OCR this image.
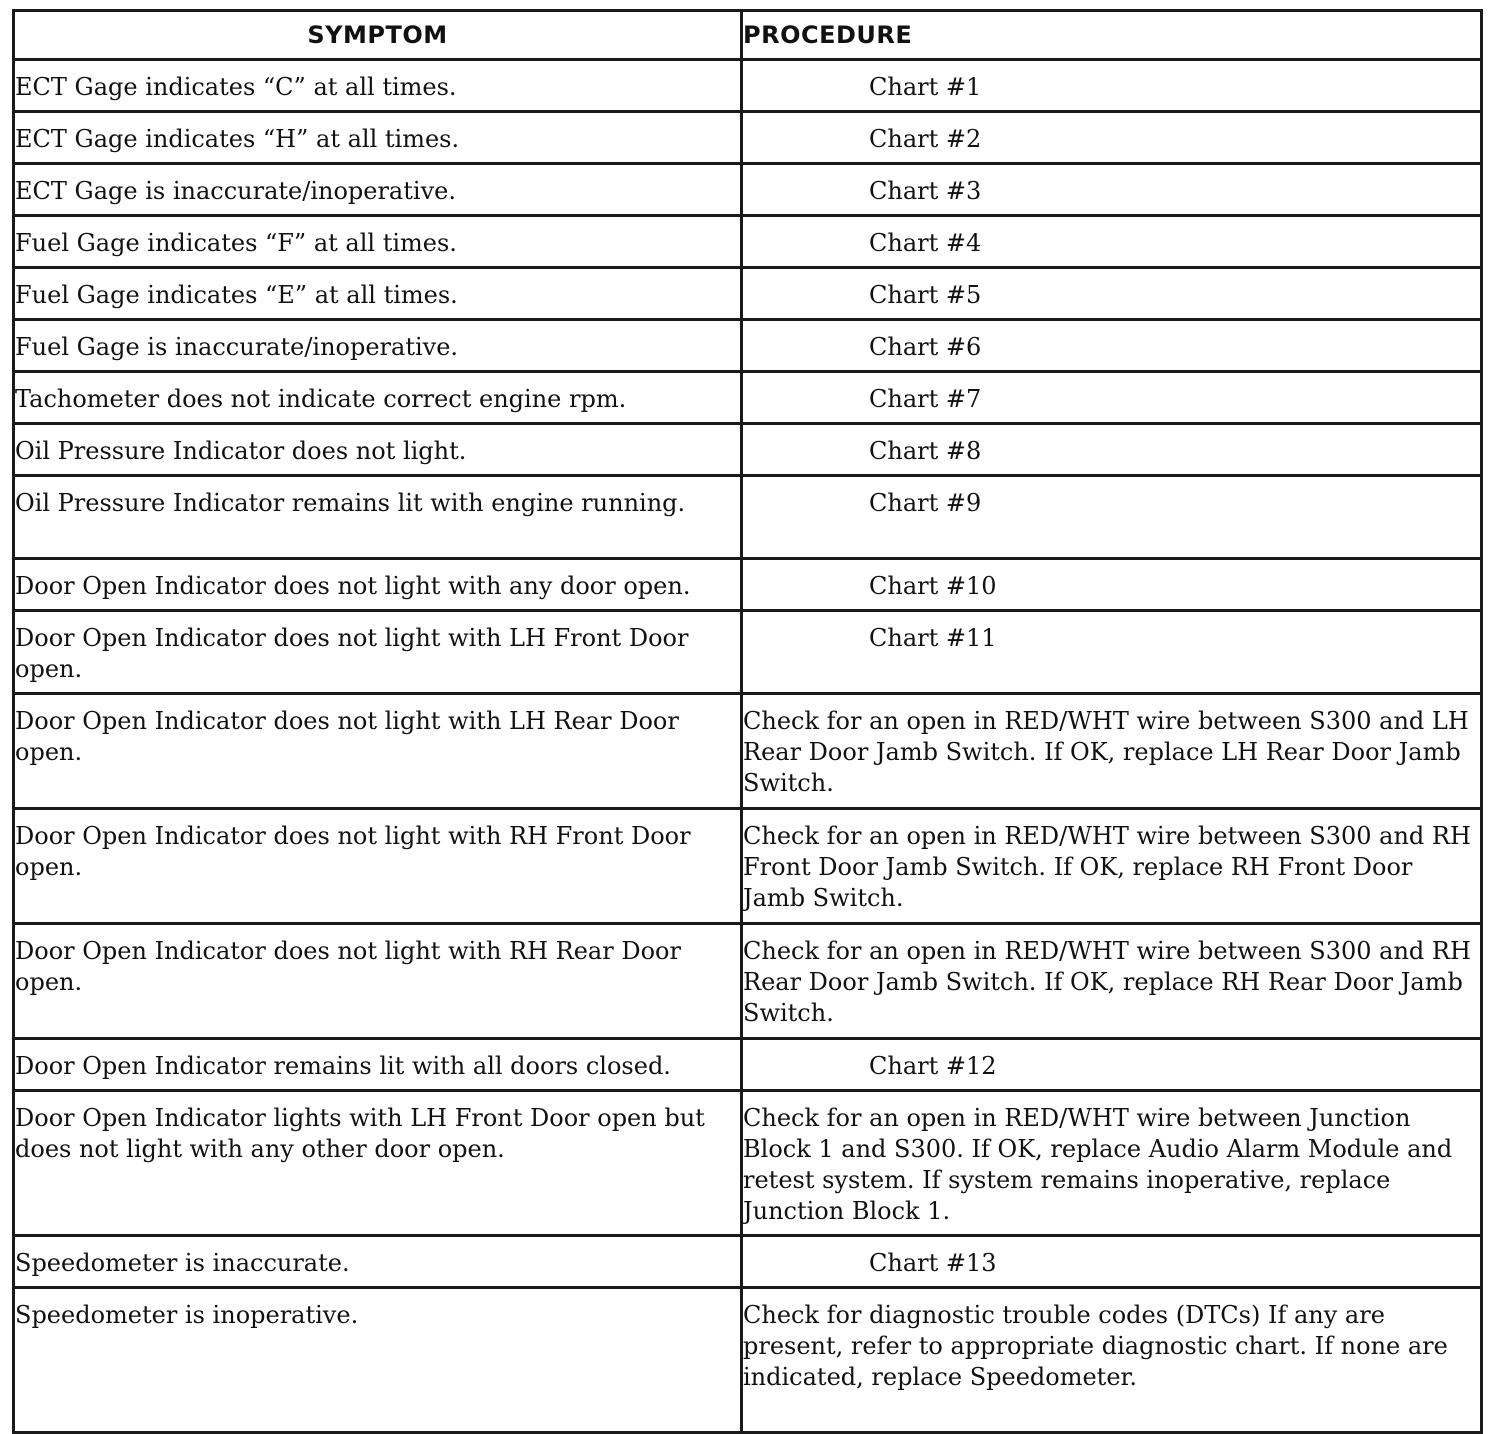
SYMPTOM	PROCEDURE
ECT Gage indicates “C” at all times.	Chart #1
ECT Gage indicates “H” at all times.	Chart #2
ECT Gage is inaccurate/inoperative.	Chart #3
Fuel Gage indicates “F” at all times.	Chart #4
Fuel Gage indicates “E” at all times.	Chart #5
Fuel Gage is inaccurate/inoperative.	Chart #6
Tachometer does not indicate correct engine rpm.	Chart #7
Oil Pressure Indicator does not light.	Chart #8
Oil Pressure Indicator remains lit with engine running.	Chart #9
Door Open Indicator does not light with any door open.	Chart #10
Door Open Indicator does not light with LH Front Door open.	Chart #11
Door Open Indicator does not light with LH Rear Door open.	Check for an open in RED/WHT wire between S300 and LH Rear Door Jamb Switch. If OK, replace LH Rear Door Jamb Switch.
Door Open Indicator does not light with RH Front Door open.	Check for an open in RED/WHT wire between S300 and RH Front Door Jamb Switch. If OK, replace RH Front Door Jamb Switch.
Door Open Indicator does not light with RH Rear Door open.	Check for an open in RED/WHT wire between S300 and RH Rear Door Jamb Switch. If OK, replace RH Rear Door Jamb Switch.
Door Open Indicator remains lit with all doors closed.	Chart #12
Door Open Indicator lights with LH Front Door open but does not light with any other door open.	Check for an open in RED/WHT wire between Junction Block 1 and S300. If OK, replace Audio Alarm Module and retest system. If system remains inoperative, replace Junction Block 1.
Speedometer is inaccurate.	Chart #13
Speedometer is inoperative.	Check for diagnostic trouble codes (DTCs) If any are present, refer to appropriate diagnostic chart. If none are indicated, replace Speedometer.
